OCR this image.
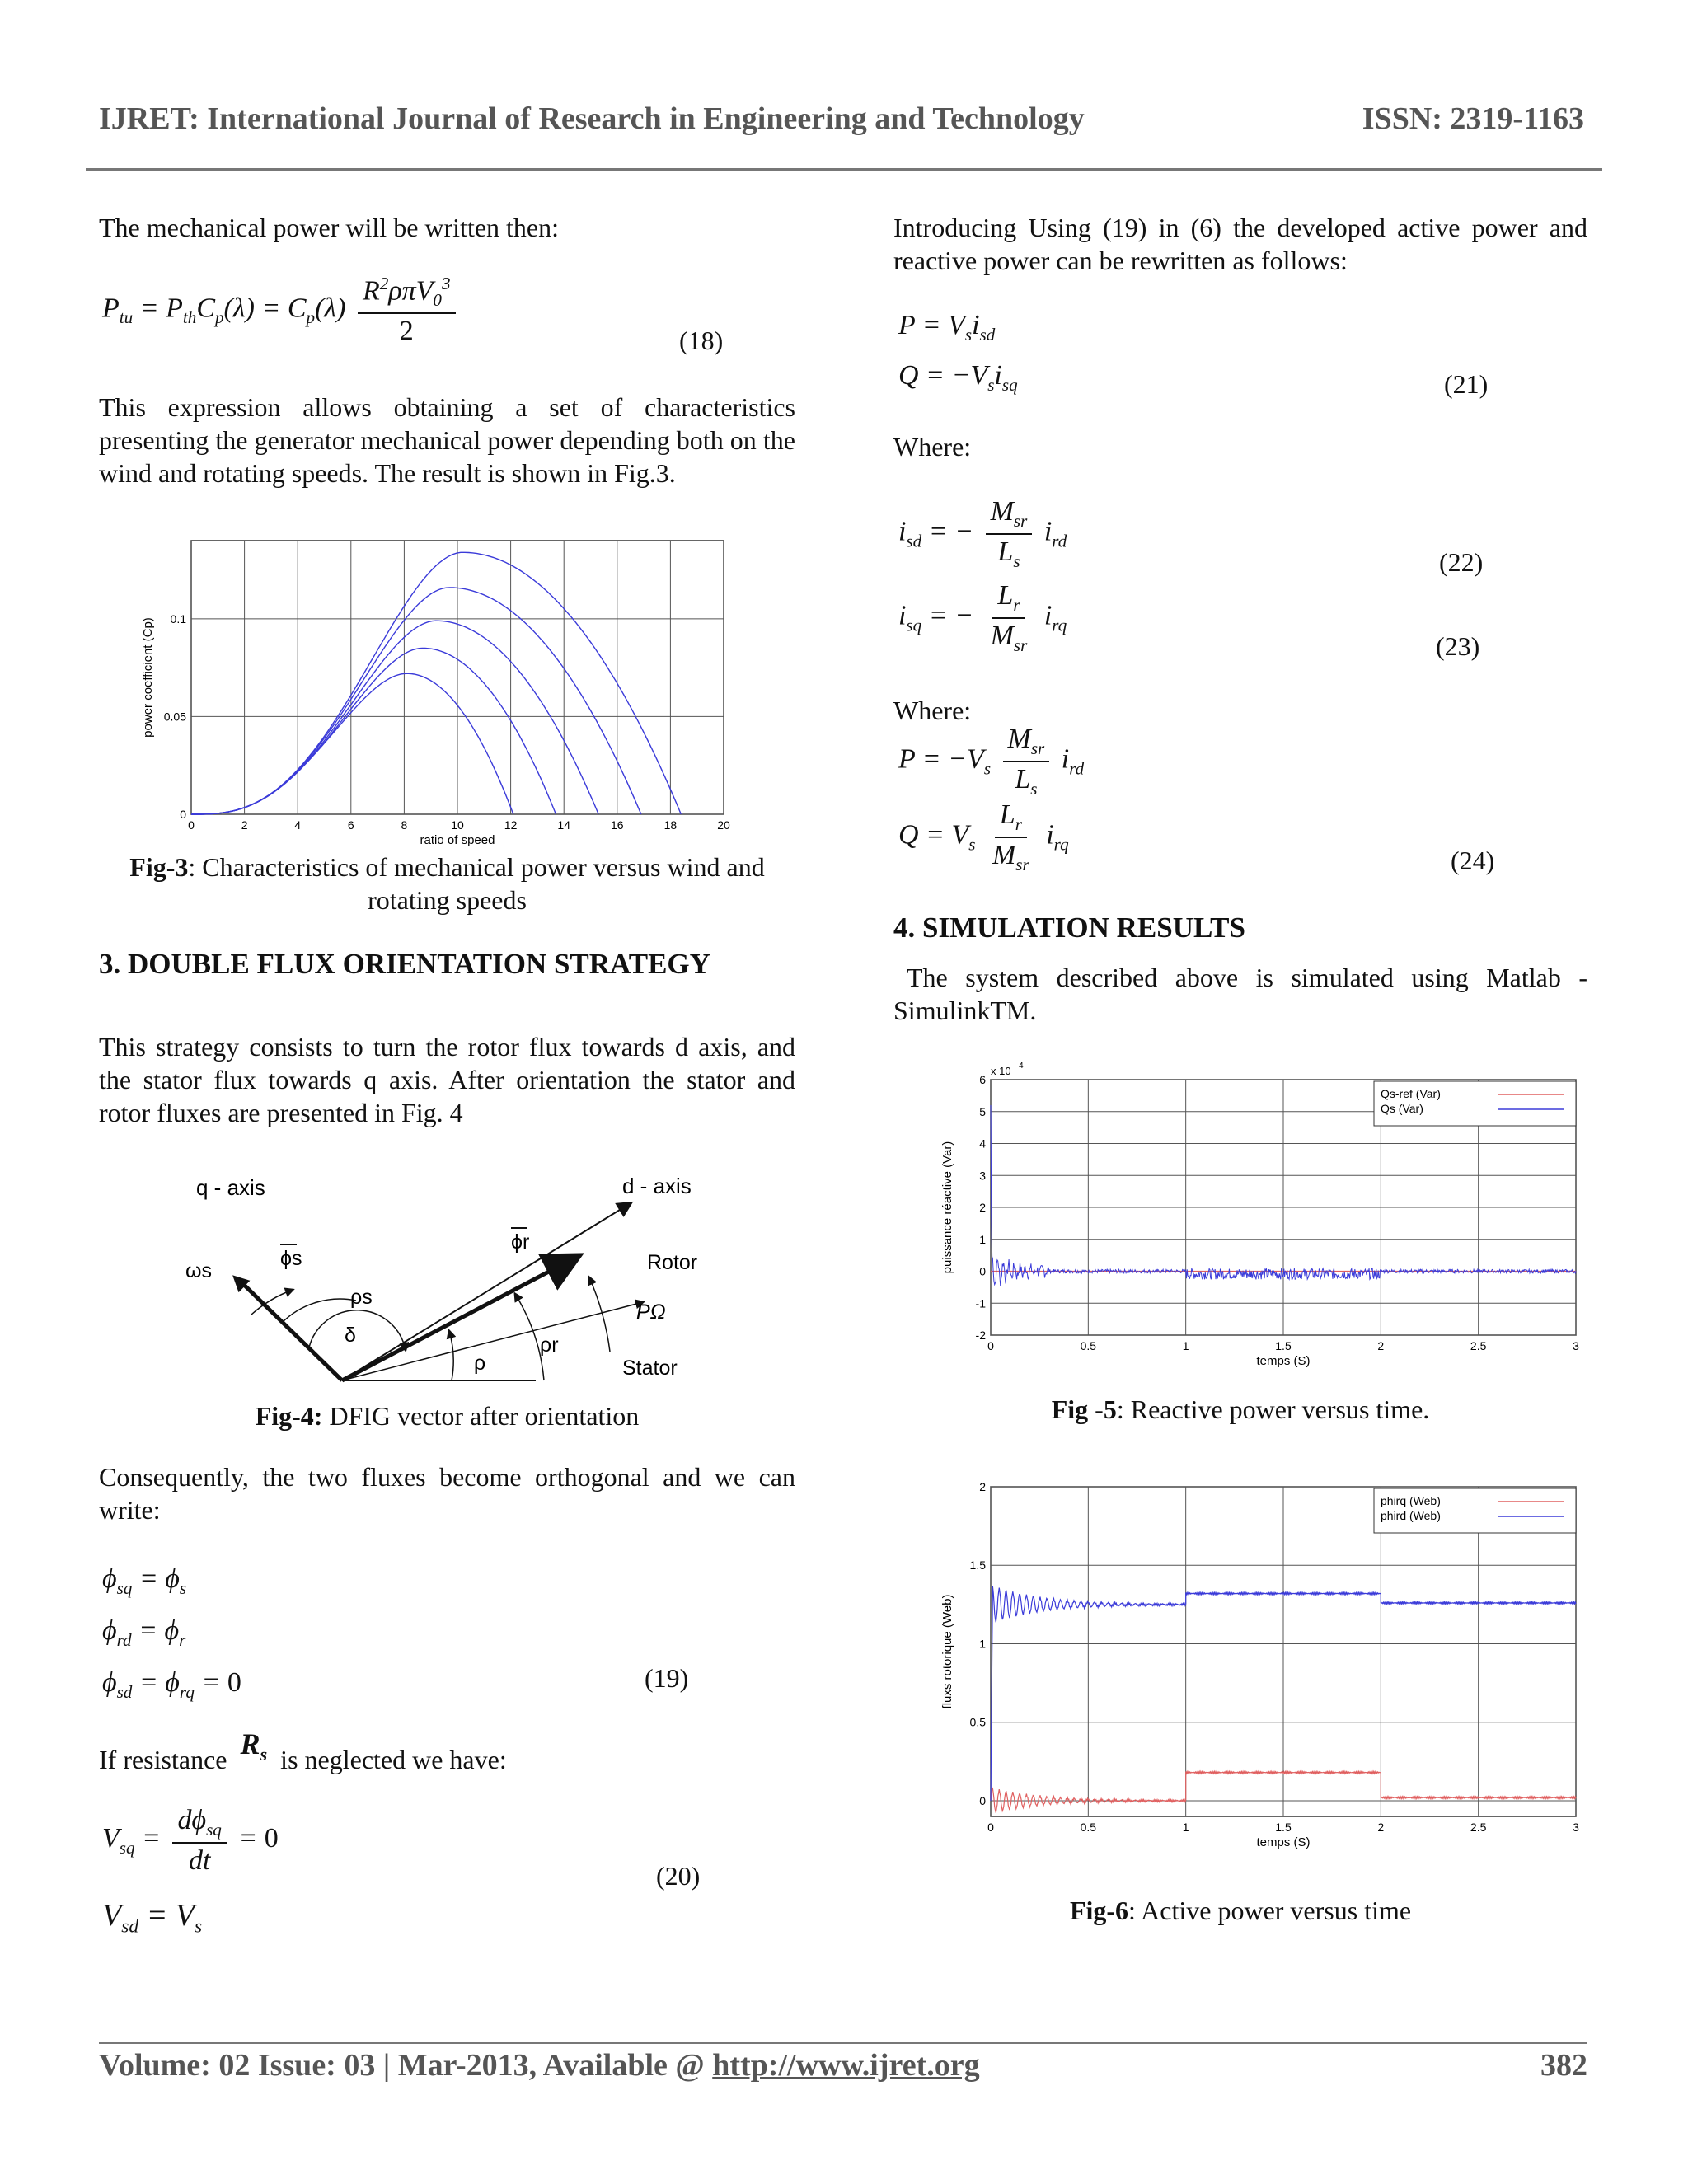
IJRET: International Journal of Research in Engineering and Technology	ISSN: 2319-1163
The mechanical power will be written then:
$P_{tu} = P_{th}C_p(\lambda) = C_p(\lambda) \frac{R^2\rho\pi V_0^3}{2}$	(18)
This expression allows obtaining a set of characteristics presenting the generator mechanical power depending both on the wind and rotating speeds. The result is shown in Fig.3.
0	2	4	6	8	10	12	14	16	18	20
0
0.05
0.1
ratio of speed
power coefficient (Cp)
Fig-3: Characteristics of mechanical power versus wind and rotating speeds
3. DOUBLE FLUX ORIENTATION STRATEGY
This strategy consists to turn the rotor flux towards d axis, and the stator flux towards q axis. After orientation the stator and rotor fluxes are presented in Fig. 4
q - axis	d - axis
Rotor
Stator
ωs
ϕs
ϕr
ρs
δ
ρ
ρr
PΩ
Fig-4: DFIG vector after orientation
Consequently, the two fluxes become orthogonal and we can write:
$\phi_{sq} = \phi_s$
$\phi_{rd} = \phi_r$
$\phi_{sd} = \phi_{rq} = 0$	(19)
If resistance $R_s$ is neglected we have:
$V_{sq} = \frac{d\phi_{sq}}{dt} = 0$
(20)
$V_{sd} = V_s$
Introducing Using (19) in (6) the developed active power and reactive power can be rewritten as follows:
$P = V_si_{sd}$
$Q = -V_si_{sq}$	(21)
Where:
$i_{sd}$ = − $\frac{M_{sr}}{L_s} i_{rd}$
(22)
$i_{sq}$ = − $\frac{L_r}{M_{sr}} i_{rq}$
(23)
Where:
$P = -V_s \frac{M_{sr}}{L_s} i_{rd}$
$Q = V_s \frac{L_r}{M_{sr}} i_{rq}$
(24)
4. SIMULATION RESULTS
The system described above is simulated using Matlab - SimulinkTM.
0	0.5	1	1.5	2	2.5	3
-2
-1
0
1
2
3
4
5
6
temps (S)
puissance réactive (Var)
x 10 4
Qs-ref (Var)
Qs (Var)
Fig -5: Reactive power versus time.
0	0.5	1	1.5	2	2.5	3
0
0.5
1
1.5
2
temps (S)
fluxs rotorique (Web)
phirq (Web)
phird (Web)
Fig-6: Active power versus time
Volume: 02 Issue: 03 | Mar-2013, Available @ http://www.ijret.org	382
